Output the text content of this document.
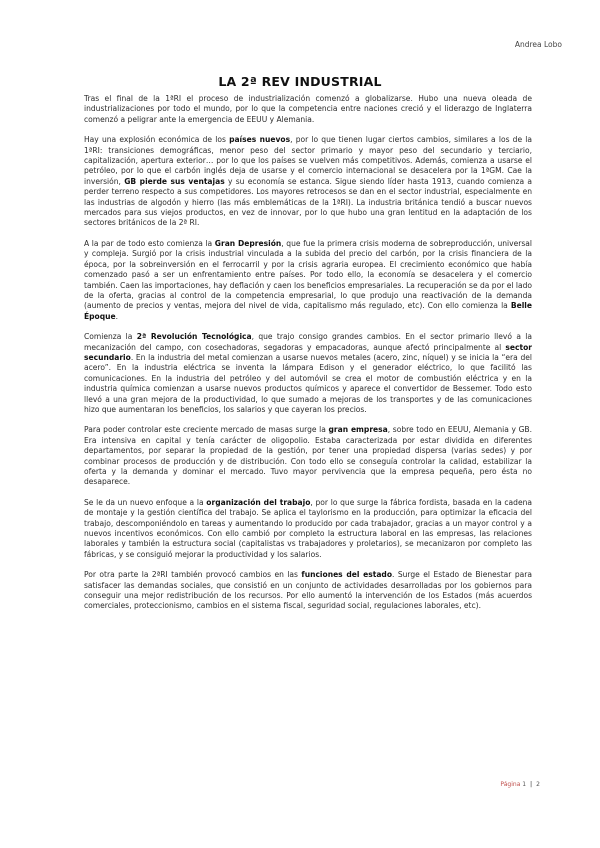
Andrea Lobo
LA 2ª REV INDUSTRIAL

Tras el final de la 1ªRI el proceso de industrialización comenzó a globalizarse. Hubo una nueva oleada de industrializaciones por todo el mundo, por lo que la competencia entre naciones creció y el liderazgo de Inglaterra comenzó a peligrar ante la emergencia de EEUU y Alemania.

Hay una explosión económica de los países nuevos, por lo que tienen lugar ciertos cambios, similares a los de la 1ªRI: transiciones demográficas, menor peso del sector primario y mayor peso del secundario y terciario, capitalización, apertura exterior… por lo que los países se vuelven más competitivos. Además, comienza a usarse el petróleo, por lo que el carbón inglés deja de usarse y el comercio internacional se desacelera por la 1ªGM. Cae la inversión, GB pierde sus ventajas y su economía se estanca. Sigue siendo líder hasta 1913, cuando comienza a perder terreno respecto a sus competidores. Los mayores retrocesos se dan en el sector industrial, especialmente en las industrias de algodón y hierro (las más emblemáticas de la 1ªRI). La industria británica tendió a buscar nuevos mercados para sus viejos productos, en vez de innovar, por lo que hubo una gran lentitud en la adaptación de los sectores británicos de la 2ª RI.

A la par de todo esto comienza la Gran Depresión, que fue la primera crisis moderna de sobreproducción, universal y compleja. Surgió por la crisis industrial vinculada a la subida del precio del carbón, por la crisis financiera de la época, por la sobreinversión en el ferrocarril y por la crisis agraria europea. El crecimiento económico que había comenzado pasó a ser un enfrentamiento entre países. Por todo ello, la economía se desacelera y el comercio también. Caen las importaciones, hay deflación y caen los beneficios empresariales. La recuperación se da por el lado de la oferta, gracias al control de la competencia empresarial, lo que produjo una reactivación de la demanda (aumento de precios y ventas, mejora del nivel de vida, capitalismo más regulado, etc). Con ello comienza la Belle Époque.

Comienza la 2ª Revolución Tecnológica, que trajo consigo grandes cambios. En el sector primario llevó a la mecanización del campo, con cosechadoras, segadoras y empacadoras, aunque afectó principalmente al sector secundario. En la industria del metal comienzan a usarse nuevos metales (acero, zinc, níquel) y se inicia la “era del acero”. En la industria eléctrica se inventa la lámpara Edison y el generador eléctrico, lo que facilitó las comunicaciones. En la industria del petróleo y del automóvil se crea el motor de combustión eléctrica y en la industria química comienzan a usarse nuevos productos químicos y aparece el convertidor de Bessemer. Todo esto llevó a una gran mejora de la productividad, lo que sumado a mejoras de los transportes y de las comunicaciones hizo que aumentaran los beneficios, los salarios y que cayeran los precios.

Para poder controlar este creciente mercado de masas surge la gran empresa, sobre todo en EEUU, Alemania y GB. Era intensiva en capital y tenía carácter de oligopolio. Estaba caracterizada por estar dividida en diferentes departamentos, por separar la propiedad de la gestión, por tener una propiedad dispersa (varias sedes) y por combinar procesos de producción y de distribución. Con todo ello se conseguía controlar la calidad, estabilizar la oferta y la demanda y dominar el mercado. Tuvo mayor pervivencia que la empresa pequeña, pero ésta no desaparece.

Se le da un nuevo enfoque a la organización del trabajo, por lo que surge la fábrica fordista, basada en la cadena de montaje y la gestión científica del trabajo. Se aplica el taylorismo en la producción, para optimizar la eficacia del trabajo, descomponiéndolo en tareas y aumentando lo producido por cada trabajador, gracias a un mayor control y a nuevos incentivos económicos. Con ello cambió por completo la estructura laboral en las empresas, las relaciones laborales y también la estructura social (capitalistas vs trabajadores y proletarios), se mecanizaron por completo las fábricas, y se consiguió mejorar la productividad y los salarios.

Por otra parte la 2ªRI también provocó cambios en las funciones del estado. Surge el Estado de Bienestar para satisfacer las demandas sociales, que consistió en un conjunto de actividades desarrolladas por los gobiernos para conseguir una mejor redistribución de los recursos. Por ello aumentó la intervención de los Estados (más acuerdos comerciales, proteccionismo, cambios en el sistema fiscal, seguridad social, regulaciones laborales, etc).

Página 1 | 2
